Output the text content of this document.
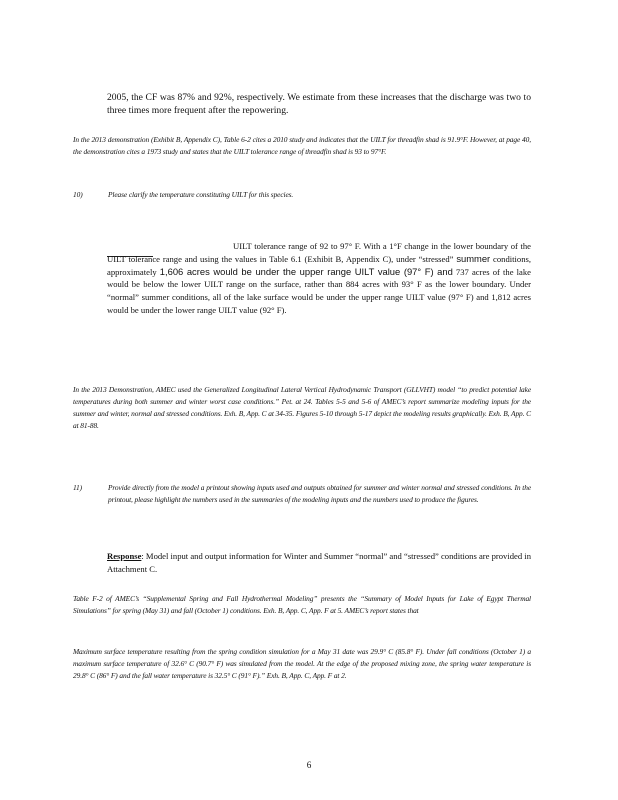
2005, the CF was 87% and 92%, respectively. We estimate from these increases that the discharge was two to three times more frequent after the repowering.

In the 2013 demonstration (Exhibit B, Appendix C), Table 6-2 cites a 2010 study and indicates that the UILT for threadfin shad is 91.9°F. However, at page 40, the demonstration cites a 1973 study and states that the UILT tolerance range of threadfin shad is 93 to 97°F.

10)	Please clarify the temperature constituting UILT for this species.

UILT tolerance range of 92 to 97° F. With a 1°F change in the lower boundary of the UILT tolerance range and using the values in Table 6.1 (Exhibit B, Appendix C), under “stressed” summer conditions, approximately 1,606 acres would be under the upper range UILT value (97° F) and 737 acres of the lake would be below the lower UILT range on the surface, rather than 884 acres with 93° F as the lower boundary. Under “normal” summer conditions, all of the lake surface would be under the upper range UILT value (97° F) and 1,812 acres would be under the lower range UILT value (92° F).

In the 2013 Demonstration, AMEC used the Generalized Longitudinal Lateral Vertical Hydrodynamic Transport (GLLVHT) model “to predict potential lake temperatures during both summer and winter worst case conditions.” Pet. at 24. Tables 5-5 and 5-6 of AMEC’s report summarize modeling inputs for the summer and winter, normal and stressed conditions. Exh. B, App. C at 34-35. Figures 5-10 through 5-17 depict the modeling results graphically. Exh. B, App. C at 81-88.

11)	Provide directly from the model a printout showing inputs used and outputs obtained for summer and winter normal and stressed conditions. In the printout, please highlight the numbers used in the summaries of the modeling inputs and the numbers used to produce the figures.

Response: Model input and output information for Winter and Summer “normal” and “stressed” conditions are provided in Attachment C.

Table F-2 of AMEC’s “Supplemental Spring and Fall Hydrothermal Modeling” presents the “Summary of Model Inputs for Lake of Egypt Thermal Simulations” for spring (May 31) and fall (October 1) conditions. Exh. B, App. C, App. F at 5. AMEC’s report states that

Maximum surface temperature resulting from the spring condition simulation for a May 31 date was 29.9° C (85.8° F). Under fall conditions (October 1) a maximum surface temperature of 32.6° C (90.7° F) was simulated from the model. At the edge of the proposed mixing zone, the spring water temperature is 29.8° C (86° F) and the fall water temperature is 32.5° C (91° F).” Exh. B, App. C, App. F at 2.

6
